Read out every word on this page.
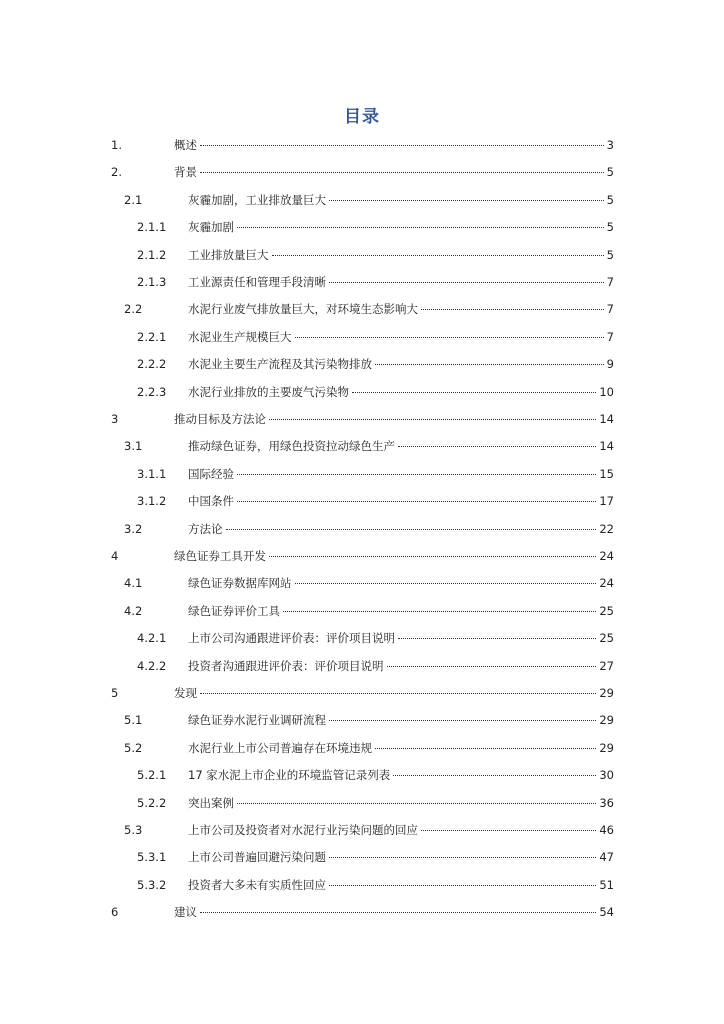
目录
1.	概述	3
2.	背景	5
2.1	灰霾加剧，工业排放量巨大	5
2.1.1 灰霾加剧	5
2.1.2 工业排放量巨大	5
2.1.3 工业源责任和管理手段清晰	7
2.2	水泥行业废气排放量巨大，对环境生态影响大	7
2.2.1 水泥业生产规模巨大	7
2.2.2 水泥业主要生产流程及其污染物排放	9
2.2.3 水泥行业排放的主要废气污染物	10
3	推动目标及方法论	14
3.1	推动绿色证券，用绿色投资拉动绿色生产	14
3.1.1 国际经验	15
3.1.2 中国条件	17
3.2	方法论	22
4	绿色证券工具开发	24
4.1	绿色证券数据库网站	24
4.2	绿色证券评价工具	25
4.2.1 上市公司沟通跟进评价表：评价项目说明	25
4.2.2 投资者沟通跟进评价表：评价项目说明	27
5	发现	29
5.1	绿色证券水泥行业调研流程	29
5.2	水泥行业上市公司普遍存在环境违规	29
5.2.1 17 家水泥上市企业的环境监管记录列表	30
5.2.2 突出案例	36
5.3	上市公司及投资者对水泥行业污染问题的回应	46
5.3.1 上市公司普遍回避污染问题	47
5.3.2 投资者大多未有实质性回应	51
6	建议	54
